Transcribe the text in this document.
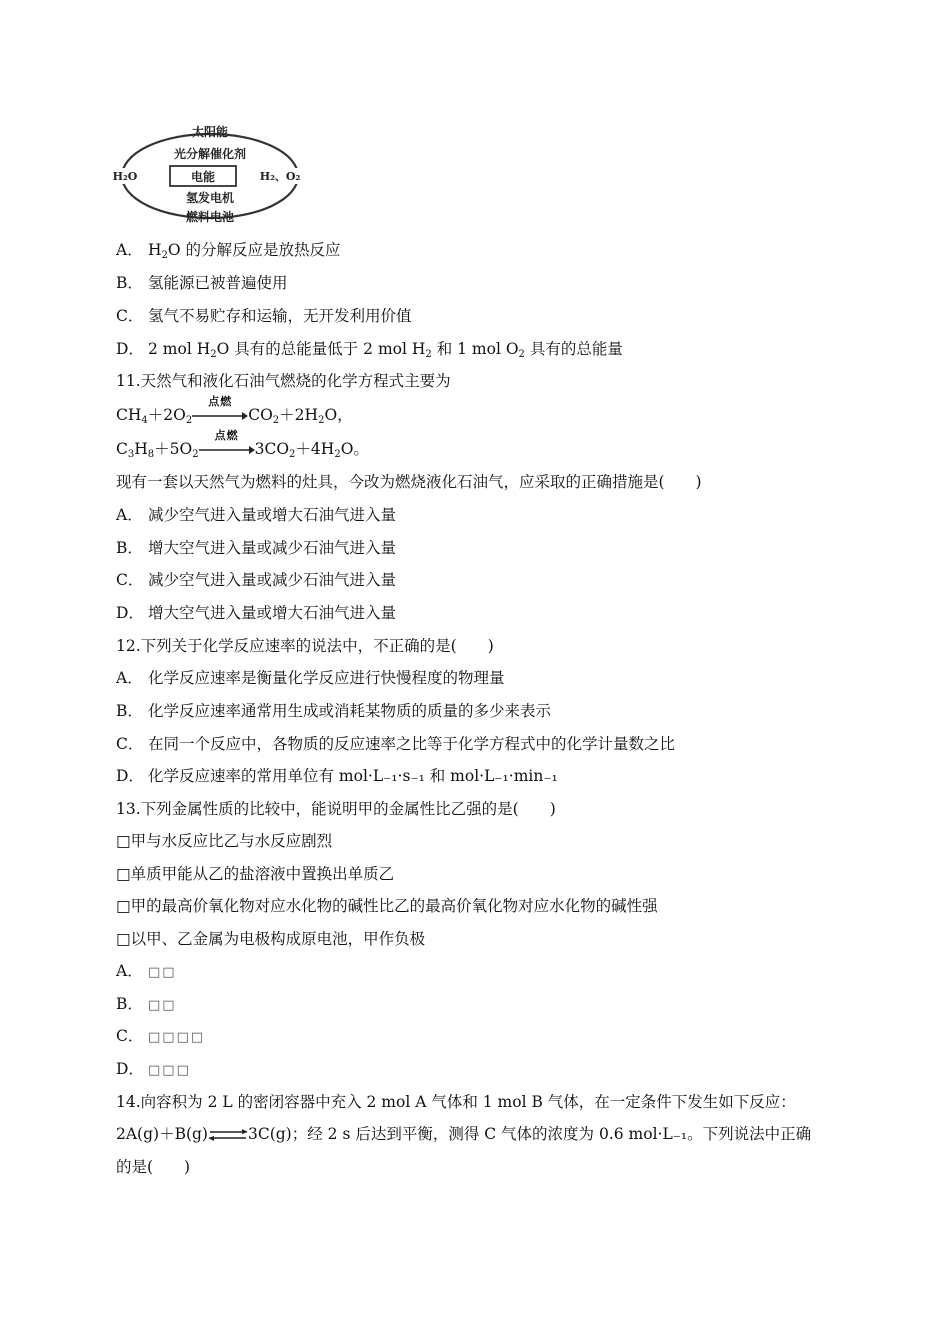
太阳能
光分解催化剂
电能
H₂O	H₂、O₂
氢发电机
燃料电池
A． $H_2O$ 的分解反应是放热反应
B． 氢能源已被普遍使用
C． 氢气不易贮存和运输，无开发利用价值
D． 2 mol $H_2O$ 具有的总能量低于 2 mol $H_2$ 和 1 mol $O_2$ 具有的总能量
11.天然气和液化石油气燃烧的化学方程式主要为
$CH_4+2O_2$
点燃
$CO_2+2H_2O$，
$C_3H_8+5O_2$
点燃
$3CO_2+4H_2O$。
现有一套以天然气为燃料的灶具，今改为燃烧液化石油气，应采取的正确措施是(　　)
A． 减少空气进入量或增大石油气进入量
B． 增大空气进入量或减少石油气进入量
C． 减少空气进入量或减少石油气进入量
D． 增大空气进入量或增大石油气进入量
12.下列关于化学反应速率的说法中，不正确的是(　　)
A． 化学反应速率是衡量化学反应进行快慢程度的物理量
B． 化学反应速率通常用生成或消耗某物质的质量的多少来表示
C． 在同一个反应中，各物质的反应速率之比等于化学方程式中的化学计量数之比
D． 化学反应速率的常用单位有 mol·L₋₁·s₋₁ 和 mol·L₋₁·min₋₁
13.下列金属性质的比较中，能说明甲的金属性比乙强的是(　　)
□甲与水反应比乙与水反应剧烈
□单质甲能从乙的盐溶液中置换出单质乙
□甲的最高价氧化物对应水化物的碱性比乙的最高价氧化物对应水化物的碱性强
□以甲、乙金属为电极构成原电池，甲作负极
A． □□
B． □□
C． □□□□
D． □□□
14.向容积为 2 L 的密闭容器中充入 2 mol A 气体和 1 mol B 气体，在一定条件下发生如下反应：
2A(g)＋B(g)⇌3C(g)；经 2 s 后达到平衡，测得 C 气体的浓度为 0.6 mol·L₋₁。下列说法中正确
的是(　　)
